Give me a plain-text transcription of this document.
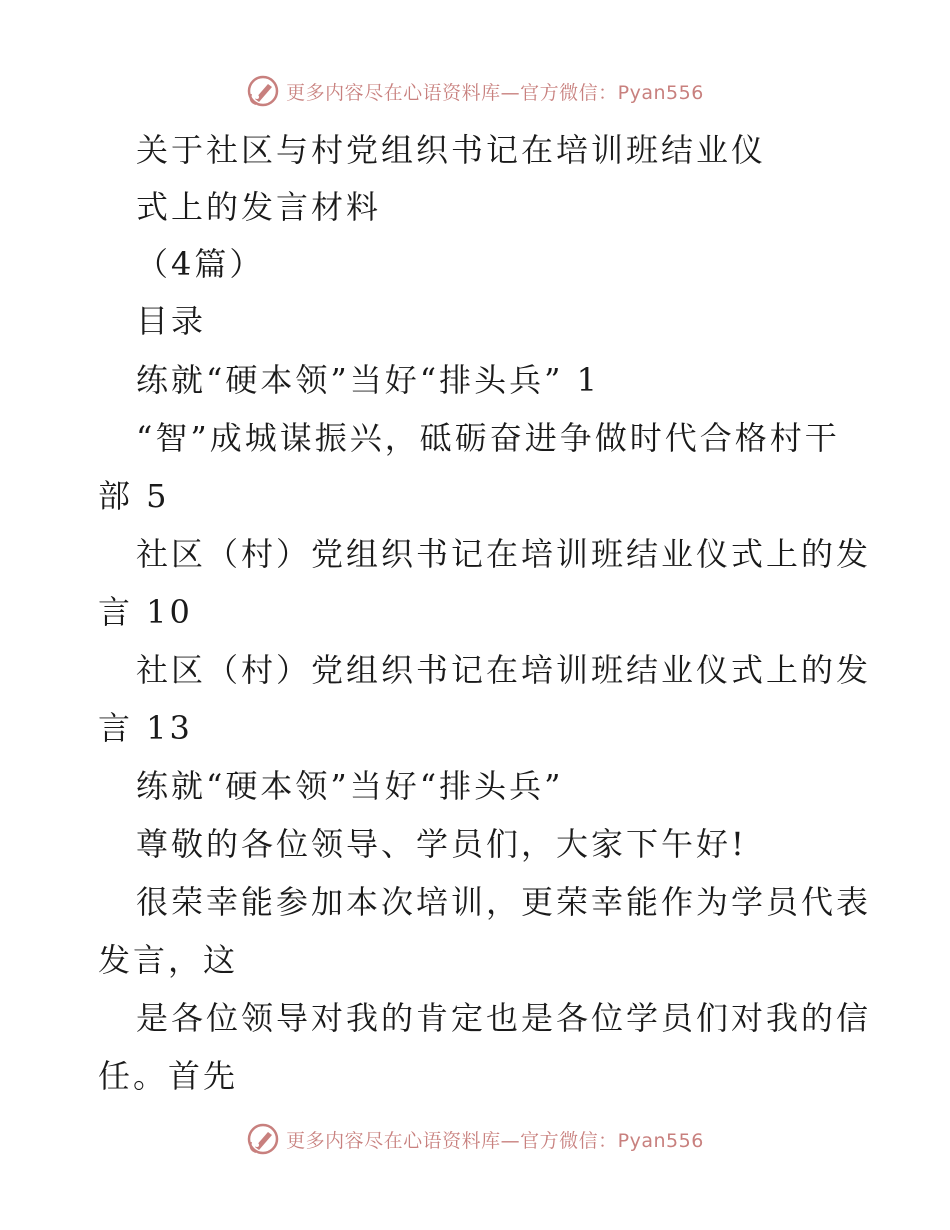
更多内容尽在心语资料库—官方微信：Pyan556
关于社区与村党组织书记在培训班结业仪
式上的发言材料
（4篇）
目录
练就“硬本领”当好“排头兵” 1
“智”成城谋振兴，砥砺奋进争做时代合格村干
部 5
社区（村）党组织书记在培训班结业仪式上的发
言 10
社区（村）党组织书记在培训班结业仪式上的发
言 13
练就“硬本领”当好“排头兵”
尊敬的各位领导、学员们，大家下午好!
很荣幸能参加本次培训，更荣幸能作为学员代表
发言，这
是各位领导对我的肯定也是各位学员们对我的信
任。首先
更多内容尽在心语资料库—官方微信：Pyan556
